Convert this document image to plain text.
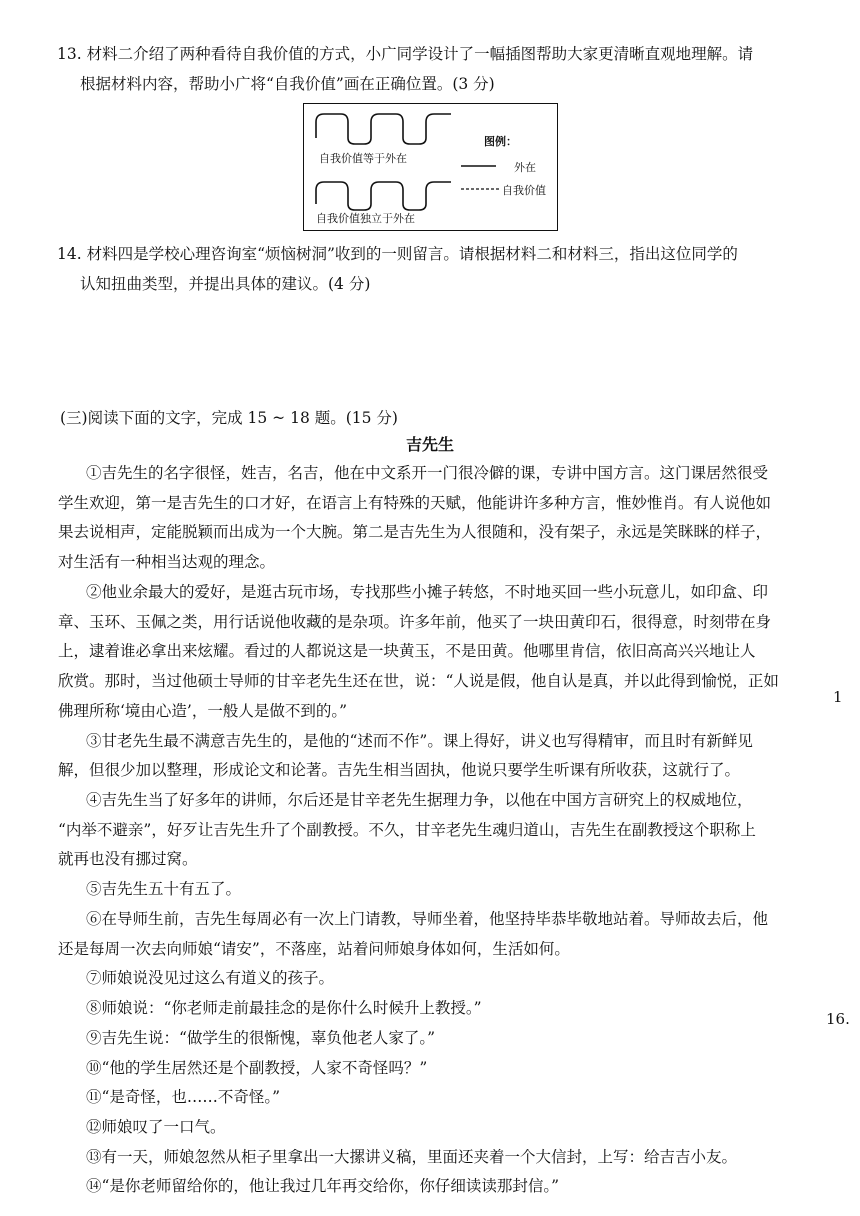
13. 材料二介绍了两种看待自我价值的方式，小广同学设计了一幅插图帮助大家更清晰直观地理解。请
根据材料内容，帮助小广将“自我价值”画在正确位置。(3 分)
自我价值等于外在
自我价值独立于外在
图例：
外在
自我价值
14. 材料四是学校心理咨询室“烦恼树洞”收到的一则留言。请根据材料二和材料三，指出这位同学的
认知扭曲类型，并提出具体的建议。(4 分)
(三)阅读下面的文字，完成 15 ~ 18 题。(15 分)
吉先生
①吉先生的名字很怪，姓吉，名吉，他在中文系开一门很冷僻的课，专讲中国方言。这门课居然很受
学生欢迎，第一是吉先生的口才好，在语言上有特殊的天赋，他能讲许多种方言，惟妙惟肖。有人说他如
果去说相声，定能脱颖而出成为一个大腕。第二是吉先生为人很随和，没有架子，永远是笑眯眯的样子，
对生活有一种相当达观的理念。
②他业余最大的爱好，是逛古玩市场，专找那些小摊子转悠，不时地买回一些小玩意儿，如印盒、印
章、玉环、玉佩之类，用行话说他收藏的是杂项。许多年前，他买了一块田黄印石，很得意，时刻带在身
上，逮着谁必拿出来炫耀。看过的人都说这是一块黄玉，不是田黄。他哪里肯信，依旧高高兴兴地让人
欣赏。那时，当过他硕士导师的甘辛老先生还在世，说：“人说是假，他自认是真，并以此得到愉悦，正如
佛理所称‘境由心造’，一般人是做不到的。”
③甘老先生最不满意吉先生的，是他的“述而不作”。课上得好，讲义也写得精审，而且时有新鲜见
解，但很少加以整理，形成论文和论著。吉先生相当固执，他说只要学生听课有所收获，这就行了。
④吉先生当了好多年的讲师，尔后还是甘辛老先生据理力争，以他在中国方言研究上的权威地位，
“内举不避亲”，好歹让吉先生升了个副教授。不久，甘辛老先生魂归道山，吉先生在副教授这个职称上
就再也没有挪过窝。
⑤吉先生五十有五了。
⑥在导师生前，吉先生每周必有一次上门请教，导师坐着，他坚持毕恭毕敬地站着。导师故去后，他
还是每周一次去向师娘“请安”，不落座，站着问师娘身体如何，生活如何。
⑦师娘说没见过这么有道义的孩子。
⑧师娘说：“你老师走前最挂念的是你什么时候升上教授。”
⑨吉先生说：“做学生的很惭愧，辜负他老人家了。”
⑩“他的学生居然还是个副教授，人家不奇怪吗？”
⑪“是奇怪，也……不奇怪。”
⑫师娘叹了一口气。
⑬有一天，师娘忽然从柜子里拿出一大摞讲义稿，里面还夹着一个大信封，上写：给吉吉小友。
⑭“是你老师留给你的，他让我过几年再交给你，你仔细读读那封信。”
1
16.
